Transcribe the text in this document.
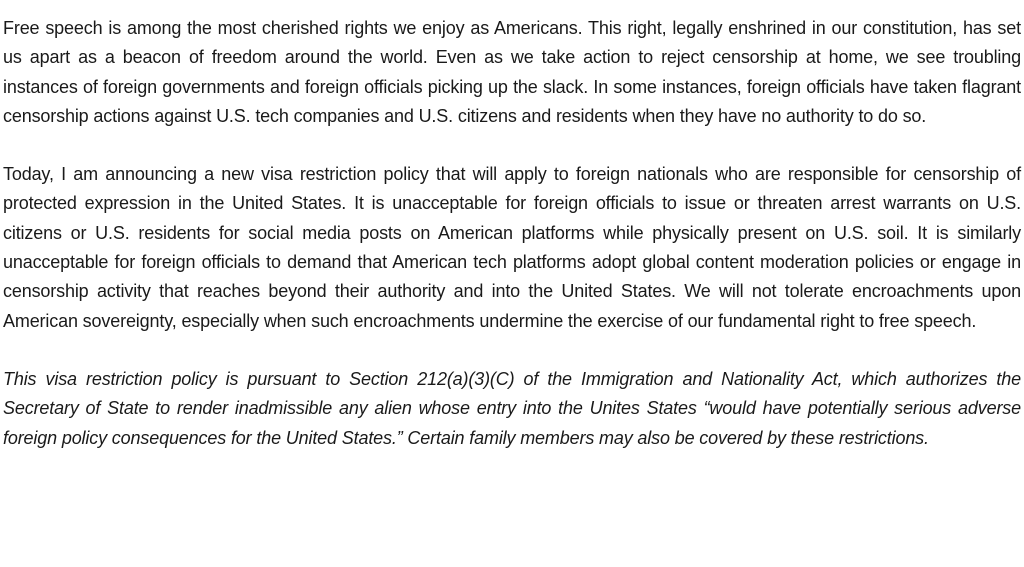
Free speech is among the most cherished rights we enjoy as Americans. This right, legally enshrined in our constitution, has set us apart as a beacon of freedom around the world. Even as we take action to reject censorship at home, we see troubling instances of foreign governments and foreign officials picking up the slack. In some instances, foreign officials have taken flagrant censorship actions against U.S. tech companies and U.S. citizens and residents when they have no authority to do so.

Today, I am announcing a new visa restriction policy that will apply to foreign nationals who are responsible for censorship of protected expression in the United States. It is unacceptable for foreign officials to issue or threaten arrest warrants on U.S. citizens or U.S. residents for social media posts on American platforms while physically present on U.S. soil. It is similarly unacceptable for foreign officials to demand that American tech platforms adopt global content moderation policies or engage in censorship activity that reaches beyond their authority and into the United States. We will not tolerate encroachments upon American sovereignty, especially when such encroachments undermine the exercise of our fundamental right to free speech.

This visa restriction policy is pursuant to Section 212(a)(3)(C) of the Immigration and Nationality Act, which authorizes the Secretary of State to render inadmissible any alien whose entry into the Unites States “would have potentially serious adverse foreign policy consequences for the United States.” Certain family members may also be covered by these restrictions.
